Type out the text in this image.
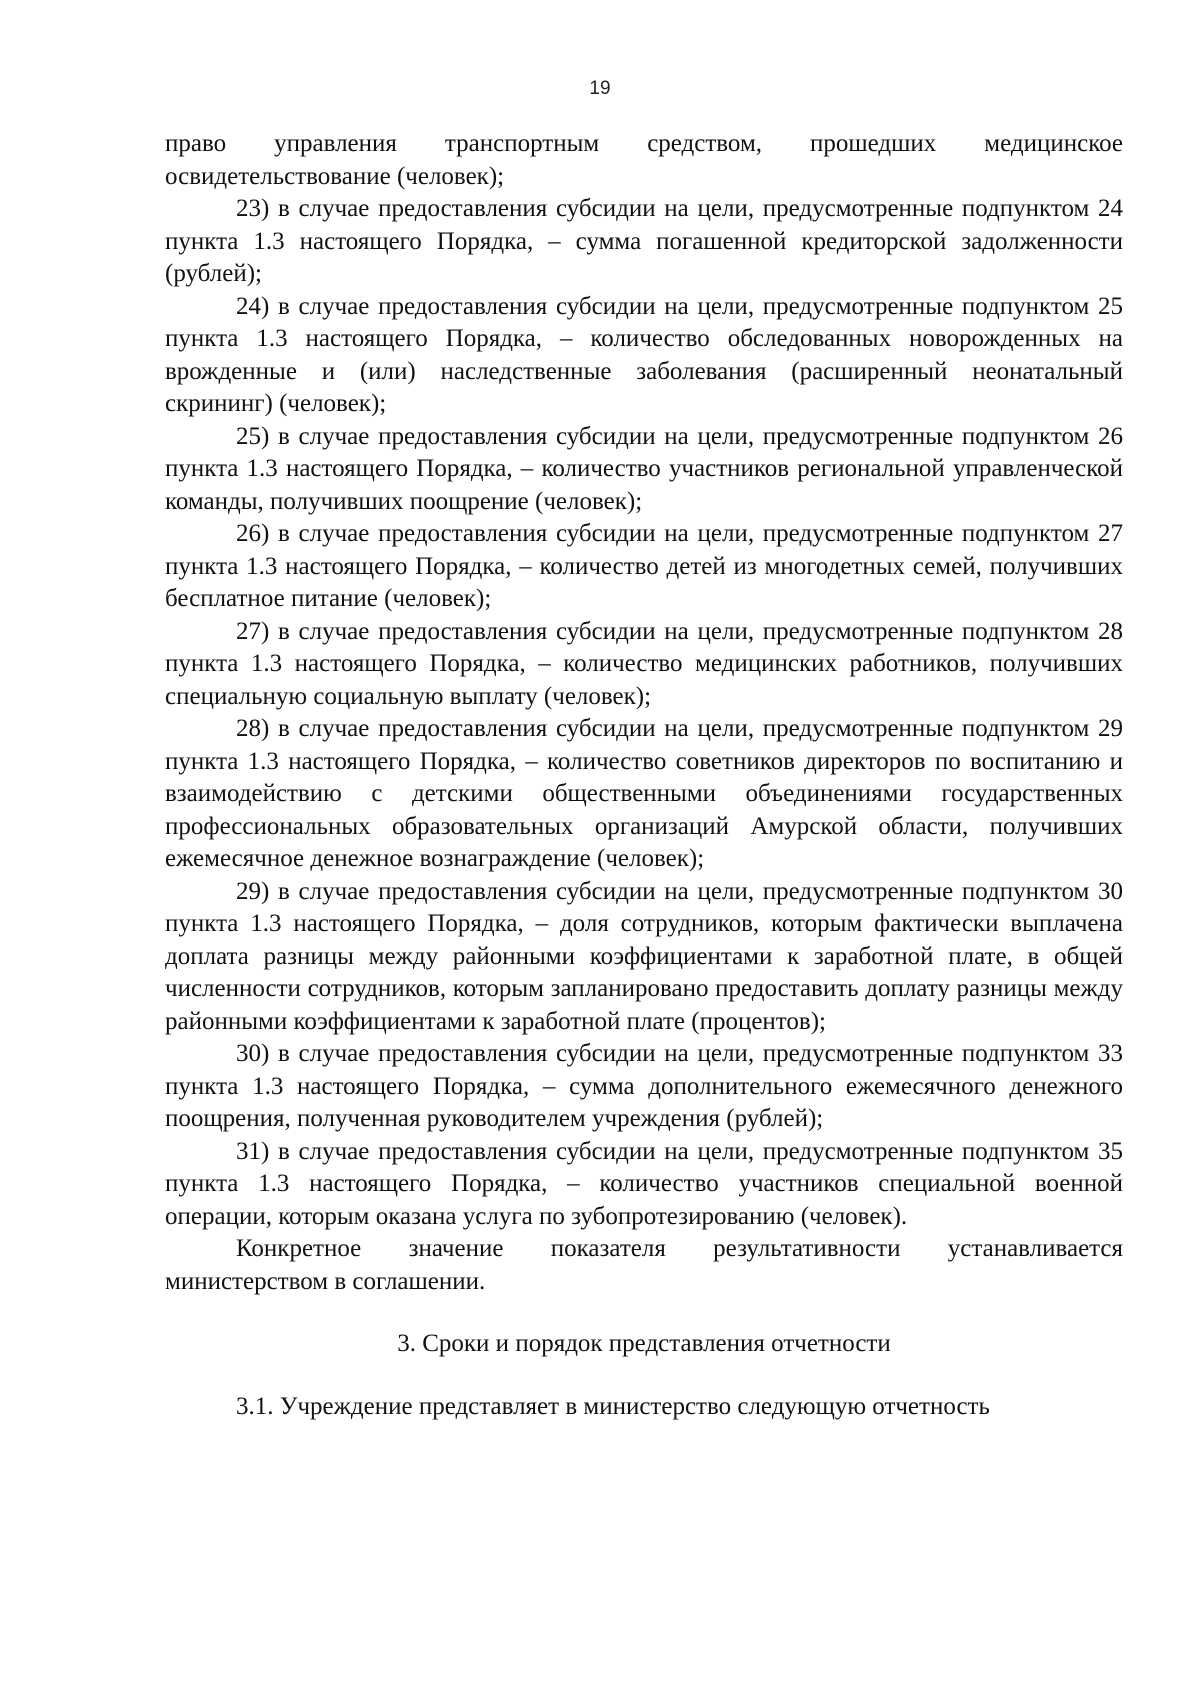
19

право управления транспортным средством, прошедших медицинское освидетельствование (человек);

23) в случае предоставления субсидии на цели, предусмотренные подпунктом 24 пункта 1.3 настоящего Порядка, – сумма погашенной кредиторской задолженности (рублей);

24) в случае предоставления субсидии на цели, предусмотренные подпунктом 25 пункта 1.3 настоящего Порядка, – количество обследованных новорожденных на врожденные и (или) наследственные заболевания (расширенный неонатальный скрининг) (человек);

25) в случае предоставления субсидии на цели, предусмотренные подпунктом 26 пункта 1.3 настоящего Порядка, – количество участников региональной управленческой команды, получивших поощрение (человек);

26) в случае предоставления субсидии на цели, предусмотренные подпунктом 27 пункта 1.3 настоящего Порядка, – количество детей из многодетных семей, получивших бесплатное питание (человек);

27) в случае предоставления субсидии на цели, предусмотренные подпунктом 28 пункта 1.3 настоящего Порядка, – количество медицинских работников, получивших специальную социальную выплату (человек);

28) в случае предоставления субсидии на цели, предусмотренные подпунктом 29 пункта 1.3 настоящего Порядка, – количество советников директоров по воспитанию и взаимодействию с детскими общественными объединениями государственных профессиональных образовательных организаций Амурской области, получивших ежемесячное денежное вознаграждение (человек);

29) в случае предоставления субсидии на цели, предусмотренные подпунктом 30 пункта 1.3 настоящего Порядка, – доля сотрудников, которым фактически выплачена доплата разницы между районными коэффициентами к заработной плате, в общей численности сотрудников, которым запланировано предоставить доплату разницы между районными коэффициентами к заработной плате (процентов);

30) в случае предоставления субсидии на цели, предусмотренные подпунктом 33 пункта 1.3 настоящего Порядка, – сумма дополнительного ежемесячного денежного поощрения, полученная руководителем учреждения (рублей);

31) в случае предоставления субсидии на цели, предусмотренные подпунктом 35 пункта 1.3 настоящего Порядка, – количество участников специальной военной операции, которым оказана услуга по зубопротезированию (человек).

Конкретное значение показателя результативности устанавливается министерством в соглашении.

3. Сроки и порядок представления отчетности

3.1. Учреждение представляет в министерство следующую отчетность
